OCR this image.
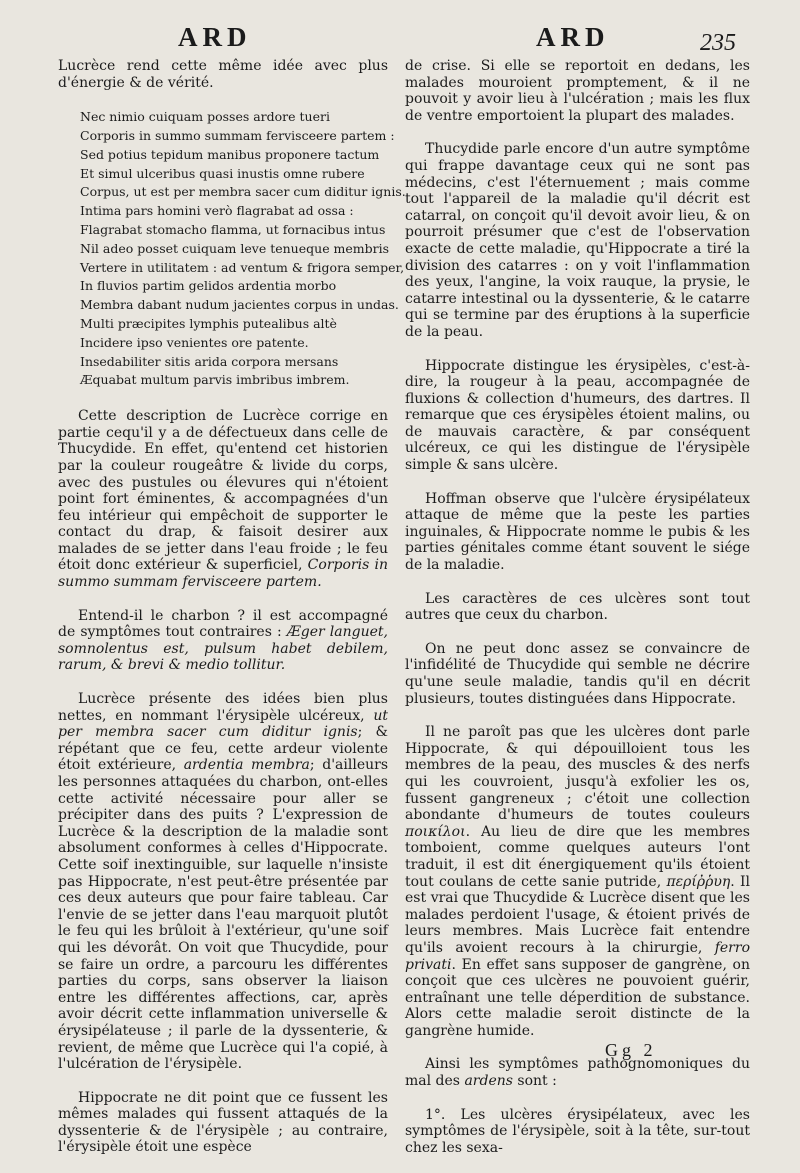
ARD	ARD	235

Lucrèce rend cette même idée avec plus d'énergie & de vérité.

Nec nimio cuiquam posses ardore tueri
Corporis in summo summam fervisceere partem :
Sed potius tepidum manibus proponere tactum
Et simul ulceribus quasi inustis omne rubere
Corpus, ut est per membra sacer cum diditur ignis.
Intima pars homini verò flagrabat ad ossa :
Flagrabat stomacho flamma, ut fornacibus intus
Nil adeo posset cuiquam leve tenueque membris
Vertere in utilitatem : ad ventum & frigora semper,
In fluvios partim gelidos ardentia morbo
Membra dabant nudum jacientes corpus in undas.
Multi præcipites lymphis putealibus altè
Incidere ipso venientes ore patente.
Insedabiliter sitis arida corpora mersans
Æquabat multum parvis imbribus imbrem.

Cette description de Lucrèce corrige en partie cequ'il y a de défectueux dans celle de Thucydide. En effet, qu'entend cet historien par la couleur rougeâtre & livide du corps, avec des pustules ou élevures qui n'étoient point fort éminentes, & accompagnées d'un feu intérieur qui empêchoit de supporter le contact du drap, & faisoit desirer aux malades de se jetter dans l'eau froide ; le feu étoit donc extérieur & superficiel, Corporis in summo summam fervisceere partem.

Entend-il le charbon ? il est accompagné de symptômes tout contraires : Æger languet, somnolentus est, pulsum habet debilem, rarum, & brevi & medio tollitur.

Lucrèce présente des idées bien plus nettes, en nommant l'érysipèle ulcéreux, ut per membra sacer cum diditur ignis; & répétant que ce feu, cette ardeur violente étoit extérieure, ardentia membra; d'ailleurs les personnes attaquées du charbon, ont-elles cette activité nécessaire pour aller se précipiter dans des puits ? L'expression de Lucrèce & la description de la maladie sont absolument conformes à celles d'Hippocrate. Cette soif inextinguible, sur laquelle n'insiste pas Hippocrate, n'est peut-être présentée par ces deux auteurs que pour faire tableau. Car l'envie de se jetter dans l'eau marquoit plutôt le feu qui les brûloit à l'extérieur, qu'une soif qui les dévorât. On voit que Thucydide, pour se faire un ordre, a parcouru les différentes parties du corps, sans observer la liaison entre les différentes affections, car, après avoir décrit cette inflammation universelle & érysipélateuse ; il parle de la dyssenterie, & revient, de même que Lucrèce qui l'a copié, à l'ulcération de l'érysipèle.

Hippocrate ne dit point que ce fussent les mêmes malades qui fussent attaqués de la dyssenterie & de l'érysipèle ; au contraire, l'érysipèle étoit une espèce

de crise. Si elle se reportoit en dedans, les malades mouroient promptement, & il ne pouvoit y avoir lieu à l'ulcération ; mais les flux de ventre emportoient la plupart des malades.

Thucydide parle encore d'un autre symptôme qui frappe davantage ceux qui ne sont pas médecins, c'est l'éternuement ; mais comme tout l'appareil de la maladie qu'il décrit est catarral, on conçoit qu'il devoit avoir lieu, & on pourroit présumer que c'est de l'observation exacte de cette maladie, qu'Hippocrate a tiré la division des catarres : on y voit l'inflammation des yeux, l'angine, la voix rauque, la prysie, le catarre intestinal ou la dyssenterie, & le catarre qui se termine par des éruptions à la superficie de la peau.

Hippocrate distingue les érysipèles, c'est-à-dire, la rougeur à la peau, accompagnée de fluxions & collection d'humeurs, des dartres. Il remarque que ces érysipèles étoient malins, ou de mauvais caractère, & par conséquent ulcéreux, ce qui les distingue de l'érysipèle simple & sans ulcère.

Hoffman observe que l'ulcère érysipélateux attaque de même que la peste les parties inguinales, & Hippocrate nomme le pubis & les parties génitales comme étant souvent le siége de la maladie.

Les caractères de ces ulcères sont tout autres que ceux du charbon.

On ne peut donc assez se convaincre de l'infidélité de Thucydide qui semble ne décrire qu'une seule maladie, tandis qu'il en décrit plusieurs, toutes distinguées dans Hippocrate.

Il ne paroît pas que les ulcères dont parle Hippocrate, & qui dépouilloient tous les membres de la peau, des muscles & des nerfs qui les couvroient, jusqu'à exfolier les os, fussent gangreneux ; c'étoit une collection abondante d'humeurs de toutes couleurs ποικίλοι. Au lieu de dire que les membres tomboient, comme quelques auteurs l'ont traduit, il est dit énergiquement qu'ils étoient tout coulans de cette sanie putride, περίῤῥυη. Il est vrai que Thucydide & Lucrèce disent que les malades perdoient l'usage, & étoient privés de leurs membres. Mais Lucrèce fait entendre qu'ils avoient recours à la chirurgie, ferro privati. En effet sans supposer de gangrène, on conçoit que ces ulcères ne pouvoient guérir, entraînant une telle déperdition de substance. Alors cette maladie seroit distincte de la gangrène humide.

Ainsi les symptômes pathognomoniques du mal des ardens sont :

1°. Les ulcères érysipélateux, avec les symptômes de l'érysipèle, soit à la tête, sur-tout chez les sexa-

Gg 2
